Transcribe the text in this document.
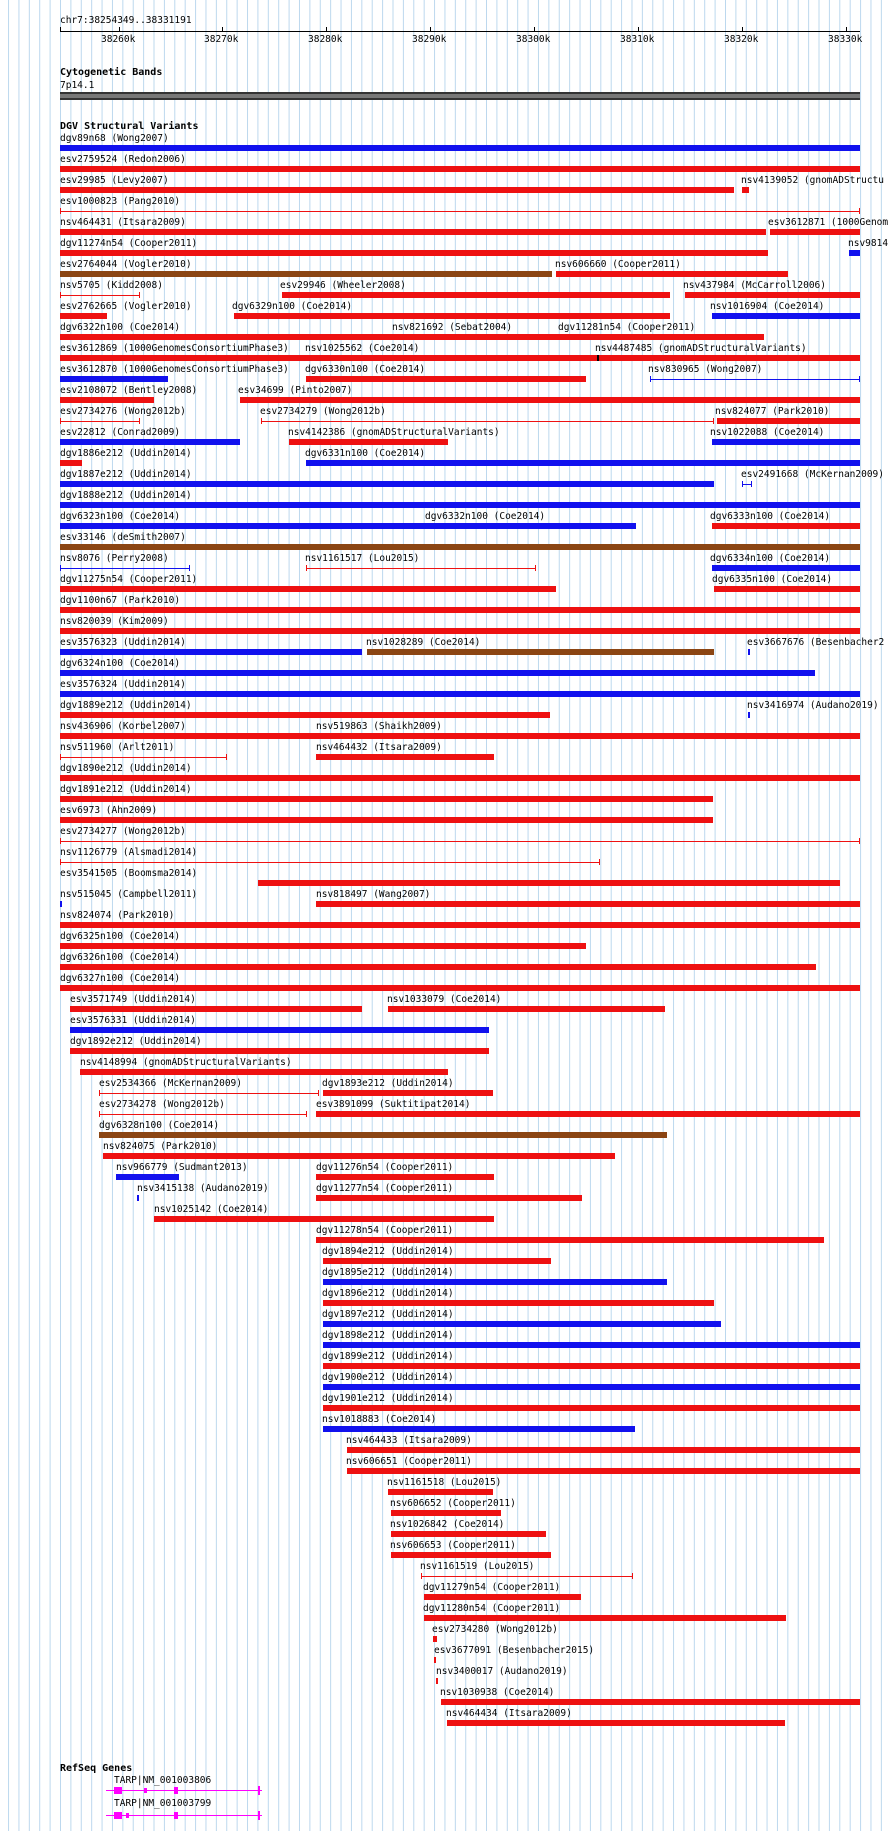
chr7:38254349..38331191
38260k	38270k	38280k	38290k	38300k	38310k	38320k	38330k
Cytogenetic Bands
7p14.1
DGV Structural Variants
dgv89n68 (Wong2007)
esv2759524 (Redon2006)
esv29985 (Levy2007)	nsv4139052 (gnomADStructu
esv1000823 (Pang2010)
nsv464431 (Itsara2009)	esv3612871 (1000Genom
dgv11274n54 (Cooper2011)	nsv9814
esv2764044 (Vogler2010)	nsv606660 (Cooper2011)
nsv5705 (Kidd2008)	esv29946 (Wheeler2008)	nsv437984 (McCarroll2006)
esv2762665 (Vogler2010)	dgv6329n100 (Coe2014)	nsv1016904 (Coe2014)
dgv6322n100 (Coe2014)	nsv821692 (Sebat2004)	dgv11281n54 (Cooper2011)
esv3612869 (1000GenomesConsortiumPhase3) nsv1025562 (Coe2014)	nsv4487485 (gnomADStructuralVariants)
esv3612870 (1000GenomesConsortiumPhase3) dgv6330n100 (Coe2014)	nsv830965 (Wong2007)
esv2108072 (Bentley2008)	esv34699 (Pinto2007)
esv2734276 (Wong2012b)	esv2734279 (Wong2012b)	nsv824077 (Park2010)
esv22812 (Conrad2009)	nsv4142386 (gnomADStructuralVariants)	nsv1022088 (Coe2014)
dgv1886e212 (Uddin2014)	dgv6331n100 (Coe2014)
dgv1887e212 (Uddin2014)	esv2491668 (McKernan2009)
dgv1888e212 (Uddin2014)
dgv6323n100 (Coe2014)	dgv6332n100 (Coe2014)	dgv6333n100 (Coe2014)
esv33146 (deSmith2007)
nsv8076 (Perry2008)	nsv1161517 (Lou2015)	dgv6334n100 (Coe2014)
dgv11275n54 (Cooper2011)	dgv6335n100 (Coe2014)
dgv1100n67 (Park2010)
nsv820039 (Kim2009)
esv3576323 (Uddin2014)	nsv1028289 (Coe2014)	esv3667676 (Besenbacher2
dgv6324n100 (Coe2014)
esv3576324 (Uddin2014)
dgv1889e212 (Uddin2014)	nsv3416974 (Audano2019)
nsv436906 (Korbel2007)	nsv519863 (Shaikh2009)
nsv511960 (Arlt2011)	nsv464432 (Itsara2009)
dgv1890e212 (Uddin2014)
dgv1891e212 (Uddin2014)
esv6973 (Ahn2009)
esv2734277 (Wong2012b)
nsv1126779 (Alsmadi2014)
esv3541505 (Boomsma2014)
nsv515045 (Campbell2011)	nsv818497 (Wang2007)
nsv824074 (Park2010)
dgv6325n100 (Coe2014)
dgv6326n100 (Coe2014)
dgv6327n100 (Coe2014)
esv3571749 (Uddin2014)	nsv1033079 (Coe2014)
esv3576331 (Uddin2014)
dgv1892e212 (Uddin2014)
nsv4148994 (gnomADStructuralVariants)
esv2534366 (McKernan2009)	dgv1893e212 (Uddin2014)
esv2734278 (Wong2012b)	esv3891099 (Suktitipat2014)
dgv6328n100 (Coe2014)
nsv824075 (Park2010)
nsv966779 (Sudmant2013)	dgv11276n54 (Cooper2011)
nsv3415138 (Audano2019)	dgv11277n54 (Cooper2011)
nsv1025142 (Coe2014)
dgv11278n54 (Cooper2011)
dgv1894e212 (Uddin2014)
dgv1895e212 (Uddin2014)
dgv1896e212 (Uddin2014)
dgv1897e212 (Uddin2014)
dgv1898e212 (Uddin2014)
dgv1899e212 (Uddin2014)
dgv1900e212 (Uddin2014)
dgv1901e212 (Uddin2014)
nsv1018883 (Coe2014)
nsv464433 (Itsara2009)
nsv606651 (Cooper2011)
nsv1161518 (Lou2015)
nsv606652 (Cooper2011)
nsv1026842 (Coe2014)
nsv606653 (Cooper2011)
nsv1161519 (Lou2015)
dgv11279n54 (Cooper2011)
dgv11280n54 (Cooper2011)
esv2734280 (Wong2012b)
esv3677091 (Besenbacher2015)
nsv3400017 (Audano2019)
nsv1030938 (Coe2014)
nsv464434 (Itsara2009)
RefSeq Genes
TARP|NM_001003806
TARP|NM_001003799
